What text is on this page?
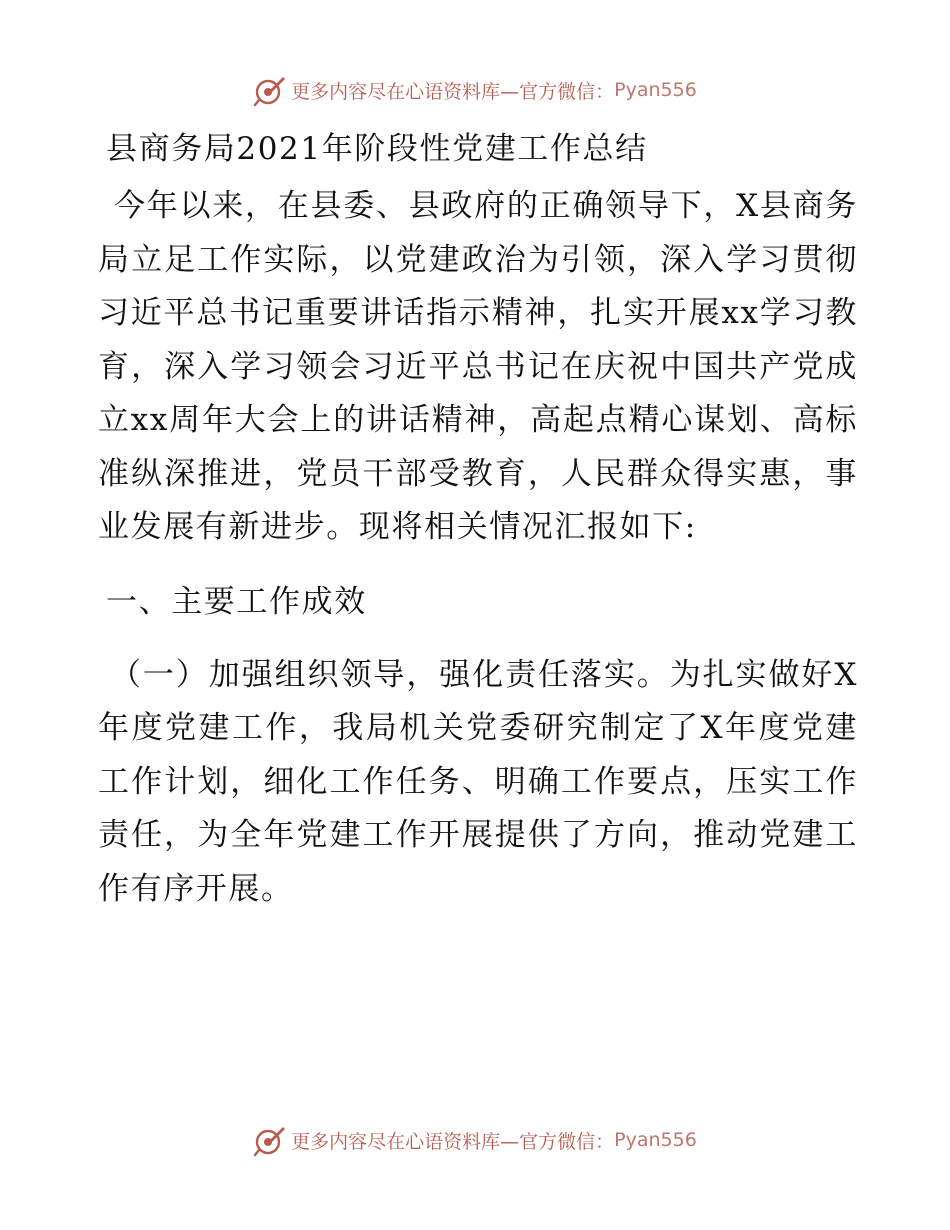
更多内容尽在心语资料库—官方微信： Pyan556
县商务局2021年阶段性党建工作总结

今年以来，在县委、县政府的正确领导下，X县商务局立足工作实际，以党建政治为引领，深入学习贯彻习近平总书记重要讲话指示精神，扎实开展xx学习教育，深入学习领会习近平总书记在庆祝中国共产党成立xx周年大会上的讲话精神，高起点精心谋划、高标准纵深推进，党员干部受教育，人民群众得实惠，事业发展有新进步。现将相关情况汇报如下:

一、主要工作成效

（一）加强组织领导，强化责任落实。为扎实做好X年度党建工作，我局机关党委研究制定了X年度党建工作计划，细化工作任务、明确工作要点，压实工作责任，为全年党建工作开展提供了方向，推动党建工作有序开展。

更多内容尽在心语资料库—官方微信： Pyan556
